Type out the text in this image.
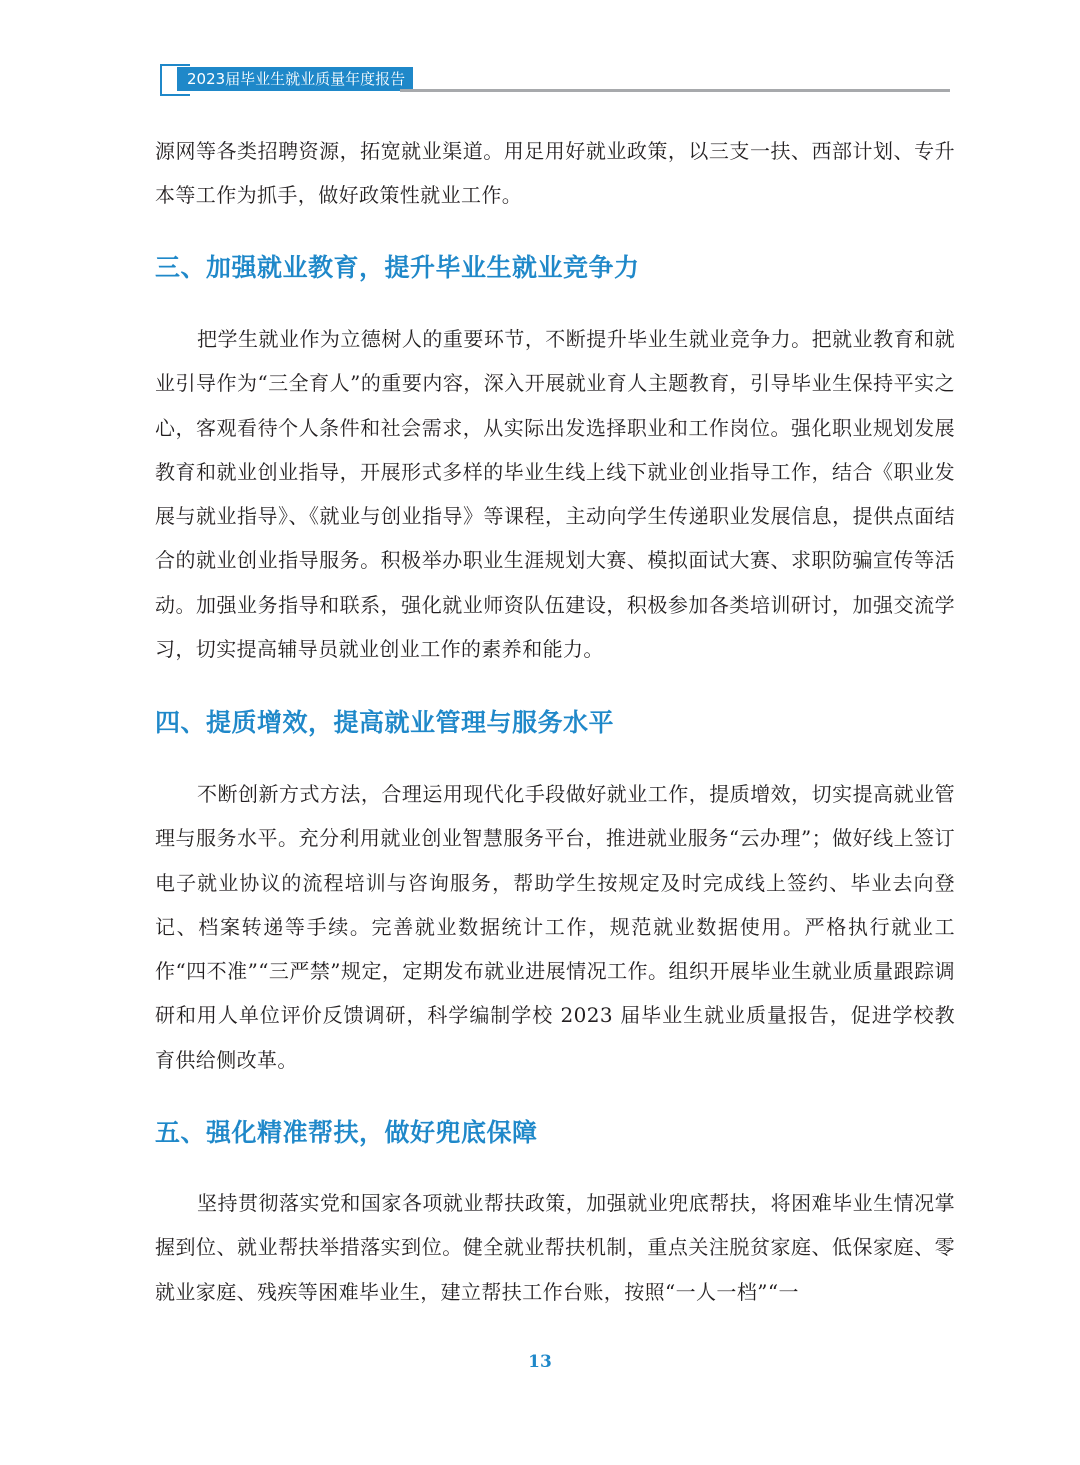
2023届毕业生就业质量年度报告

源网等各类招聘资源，拓宽就业渠道。用足用好就业政策，以三支一扶、西部计划、专升本等工作为抓手，做好政策性就业工作。

三、加强就业教育，提升毕业生就业竞争力

把学生就业作为立德树人的重要环节，不断提升毕业生就业竞争力。把就业教育和就业引导作为“三全育人”的重要内容，深入开展就业育人主题教育，引导毕业生保持平实之心，客观看待个人条件和社会需求，从实际出发选择职业和工作岗位。强化职业规划发展教育和就业创业指导，开展形式多样的毕业生线上线下就业创业指导工作，结合《职业发展与就业指导》、《就业与创业指导》等课程，主动向学生传递职业发展信息，提供点面结合的就业创业指导服务。积极举办职业生涯规划大赛、模拟面试大赛、求职防骗宣传等活动。加强业务指导和联系，强化就业师资队伍建设，积极参加各类培训研讨，加强交流学习，切实提高辅导员就业创业工作的素养和能力。

四、提质增效，提高就业管理与服务水平

不断创新方式方法，合理运用现代化手段做好就业工作，提质增效，切实提高就业管理与服务水平。充分利用就业创业智慧服务平台，推进就业服务“云办理”；做好线上签订电子就业协议的流程培训与咨询服务，帮助学生按规定及时完成线上签约、毕业去向登记、档案转递等手续。完善就业数据统计工作，规范就业数据使用。严格执行就业工作“四不准”“三严禁”规定，定期发布就业进展情况工作。组织开展毕业生就业质量跟踪调研和用人单位评价反馈调研，科学编制学校 2023 届毕业生就业质量报告，促进学校教育供给侧改革。

五、强化精准帮扶，做好兜底保障

坚持贯彻落实党和国家各项就业帮扶政策，加强就业兜底帮扶，将困难毕业生情况掌握到位、就业帮扶举措落实到位。健全就业帮扶机制，重点关注脱贫家庭、低保家庭、零就业家庭、残疾等困难毕业生，建立帮扶工作台账，按照“一人一档”“一

13
